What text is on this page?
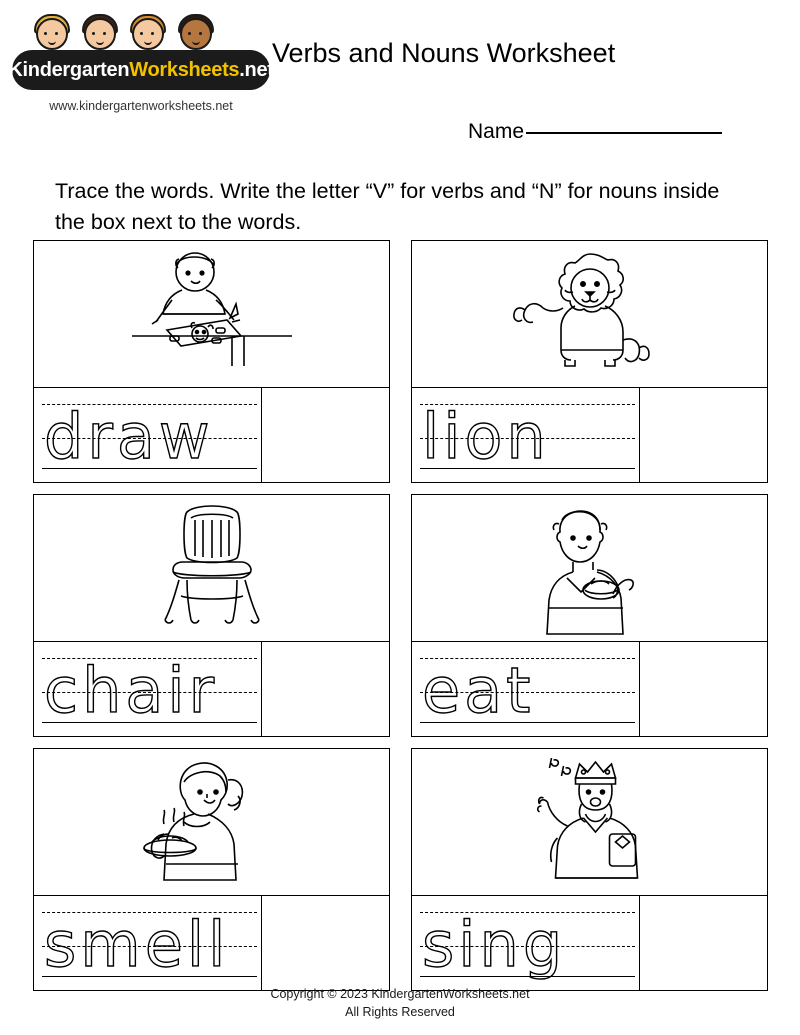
KindergartenWorksheets.net
www.kindergartenworksheets.net
Verbs and Nouns Worksheet
Name
Trace the words. Write the letter “V” for verbs and “N” for nouns inside the box next to the words.
draw	lion
chair	eat
smell	sing
Copyright © 2023 KindergartenWorksheets.net
All Rights Reserved
